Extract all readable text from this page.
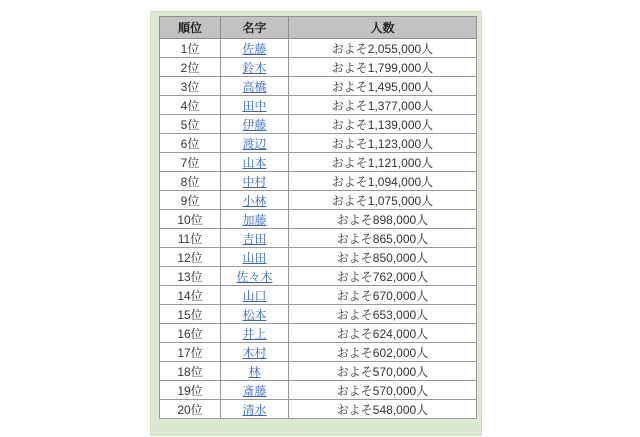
順位	名字	人数
1位	佐藤	およそ2,055,000人
2位	鈴木	およそ1,799,000人
3位	高橋	およそ1,495,000人
4位	田中	およそ1,377,000人
5位	伊藤	およそ1,139,000人
6位	渡辺	およそ1,123,000人
7位	山本	およそ1,121,000人
8位	中村	およそ1,094,000人
9位	小林	およそ1,075,000人
10位	加藤	およそ898,000人
11位	吉田	およそ865,000人
12位	山田	およそ850,000人
13位	佐々木	およそ762,000人
14位	山口	およそ670,000人
15位	松本	およそ653,000人
16位	井上	およそ624,000人
17位	木村	およそ602,000人
18位	林	およそ570,000人
19位	斎藤	およそ570,000人
20位	清水	およそ548,000人
